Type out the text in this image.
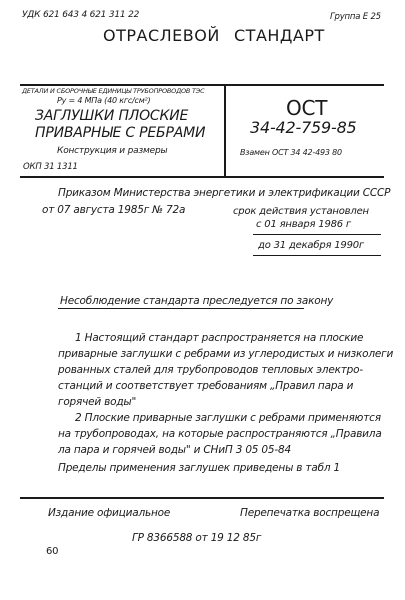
УДК 621 643 4 621 311 22	Группа Е 25
ОТРАСЛЕВОЙ СТАНДАРТ
ДЕТАЛИ И СБОРОЧНЫЕ ЕДИНИЦЫ ТРУБОПРОВОДОВ ТЭС
Ру = 4 МПа (40 кгс/см²)
ЗАГЛУШКИ ПЛОСКИЕ
ПРИВАРНЫЕ С РЕБРАМИ
Конструкция и размеры
ОКП 31 1311
ОСТ
34-42-759-85
Взамен ОСТ 34 42-493 80
Приказом Министерства энергетики и электрификации СССР
от 07 августа 1985г № 72а	срок действия установлен
с 01 января 1986 г
до 31 декабря 1990г
Несоблюдение стандарта преследуется по закону
1 Настоящий стандарт распространяется на плоские
приварные заглушки с ребрами из углеродистых и низколеги
рованных сталей для трубопроводов тепловых электро-
станций и соответствует требованиям „Правил пара и
горячей воды"
2 Плоские приварные заглушки с ребрами применяются
на трубопроводах, на которые распространяются „Правила
ла пара и горячей воды" и СНиП 3 05 05-84
Пределы применения заглушек приведены в табл 1
Издание официальное	Перепечатка воспрещена
ГР 8366588 от 19 12 85г
60
